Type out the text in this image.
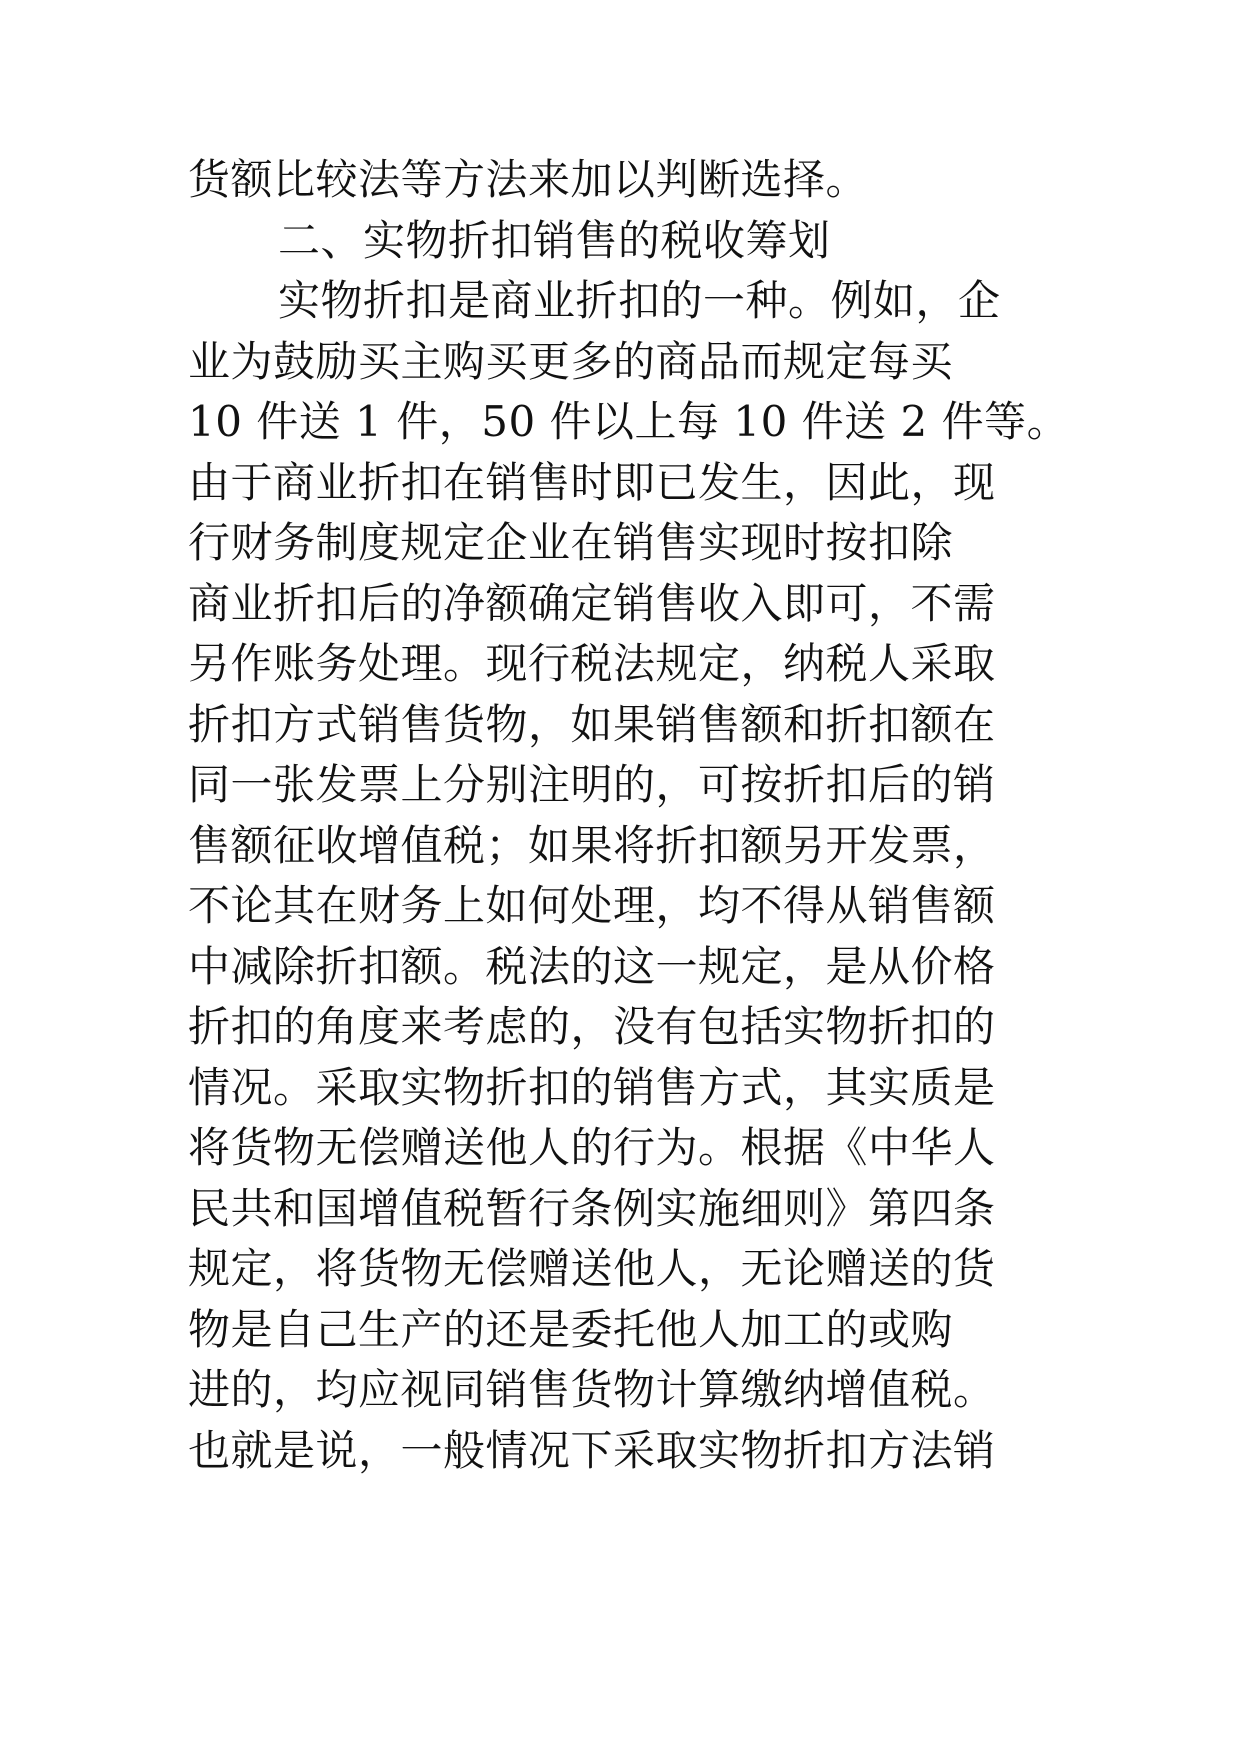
货额比较法等方法来加以判断选择。
二、实物折扣销售的税收筹划
实物折扣是商业折扣的一种。例如，企
业为鼓励买主购买更多的商品而规定每买
10 件送 1 件，50 件以上每 10 件送 2 件等。
由于商业折扣在销售时即已发生，因此，现
行财务制度规定企业在销售实现时按扣除
商业折扣后的净额确定销售收入即可，不需
另作账务处理。现行税法规定，纳税人采取
折扣方式销售货物，如果销售额和折扣额在
同一张发票上分别注明的，可按折扣后的销
售额征收增值税；如果将折扣额另开发票，
不论其在财务上如何处理，均不得从销售额
中减除折扣额。税法的这一规定，是从价格
折扣的角度来考虑的，没有包括实物折扣的
情况。采取实物折扣的销售方式，其实质是
将货物无偿赠送他人的行为。根据《中华人
民共和国增值税暂行条例实施细则》第四条
规定，将货物无偿赠送他人，无论赠送的货
物是自己生产的还是委托他人加工的或购
进的，均应视同销售货物计算缴纳增值税。
也就是说，一般情况下采取实物折扣方法销
